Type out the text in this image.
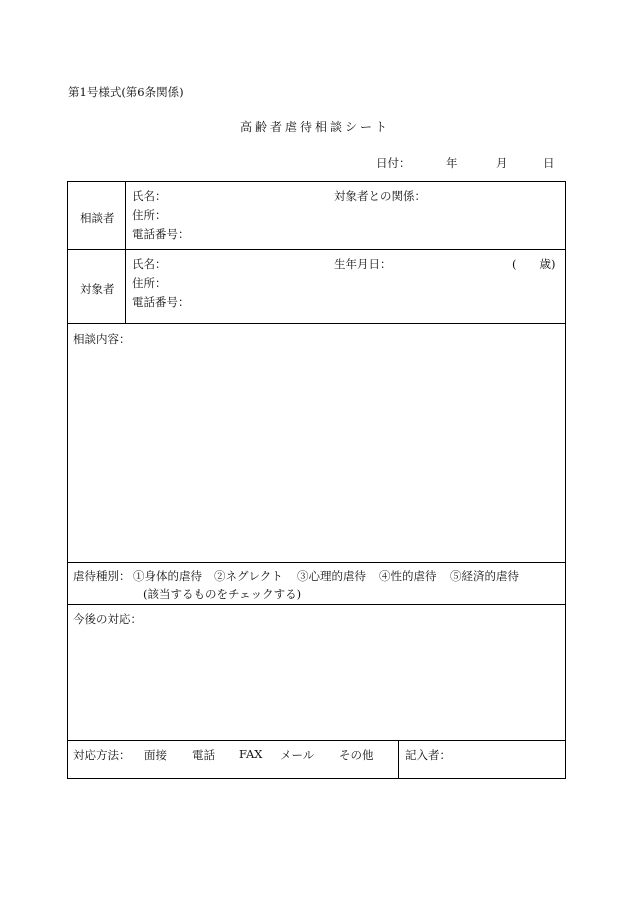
第1号様式(第6条関係)
高齢者虐待相談シート
日付：	年	月	日
相談者
氏名：	対象者との関係：
住所：
電話番号：
対象者
氏名：	生年月日：	(　　歳)
住所：
電話番号：
相談内容：
虐待種別： ①身体的虐待 ②ネグレクト ③心理的虐待 ④性的虐待 ⑤経済的虐待
(該当するものをチェックする)
今後の対応：
対応方法： 面接 電話 FAX メール その他	記入者：
